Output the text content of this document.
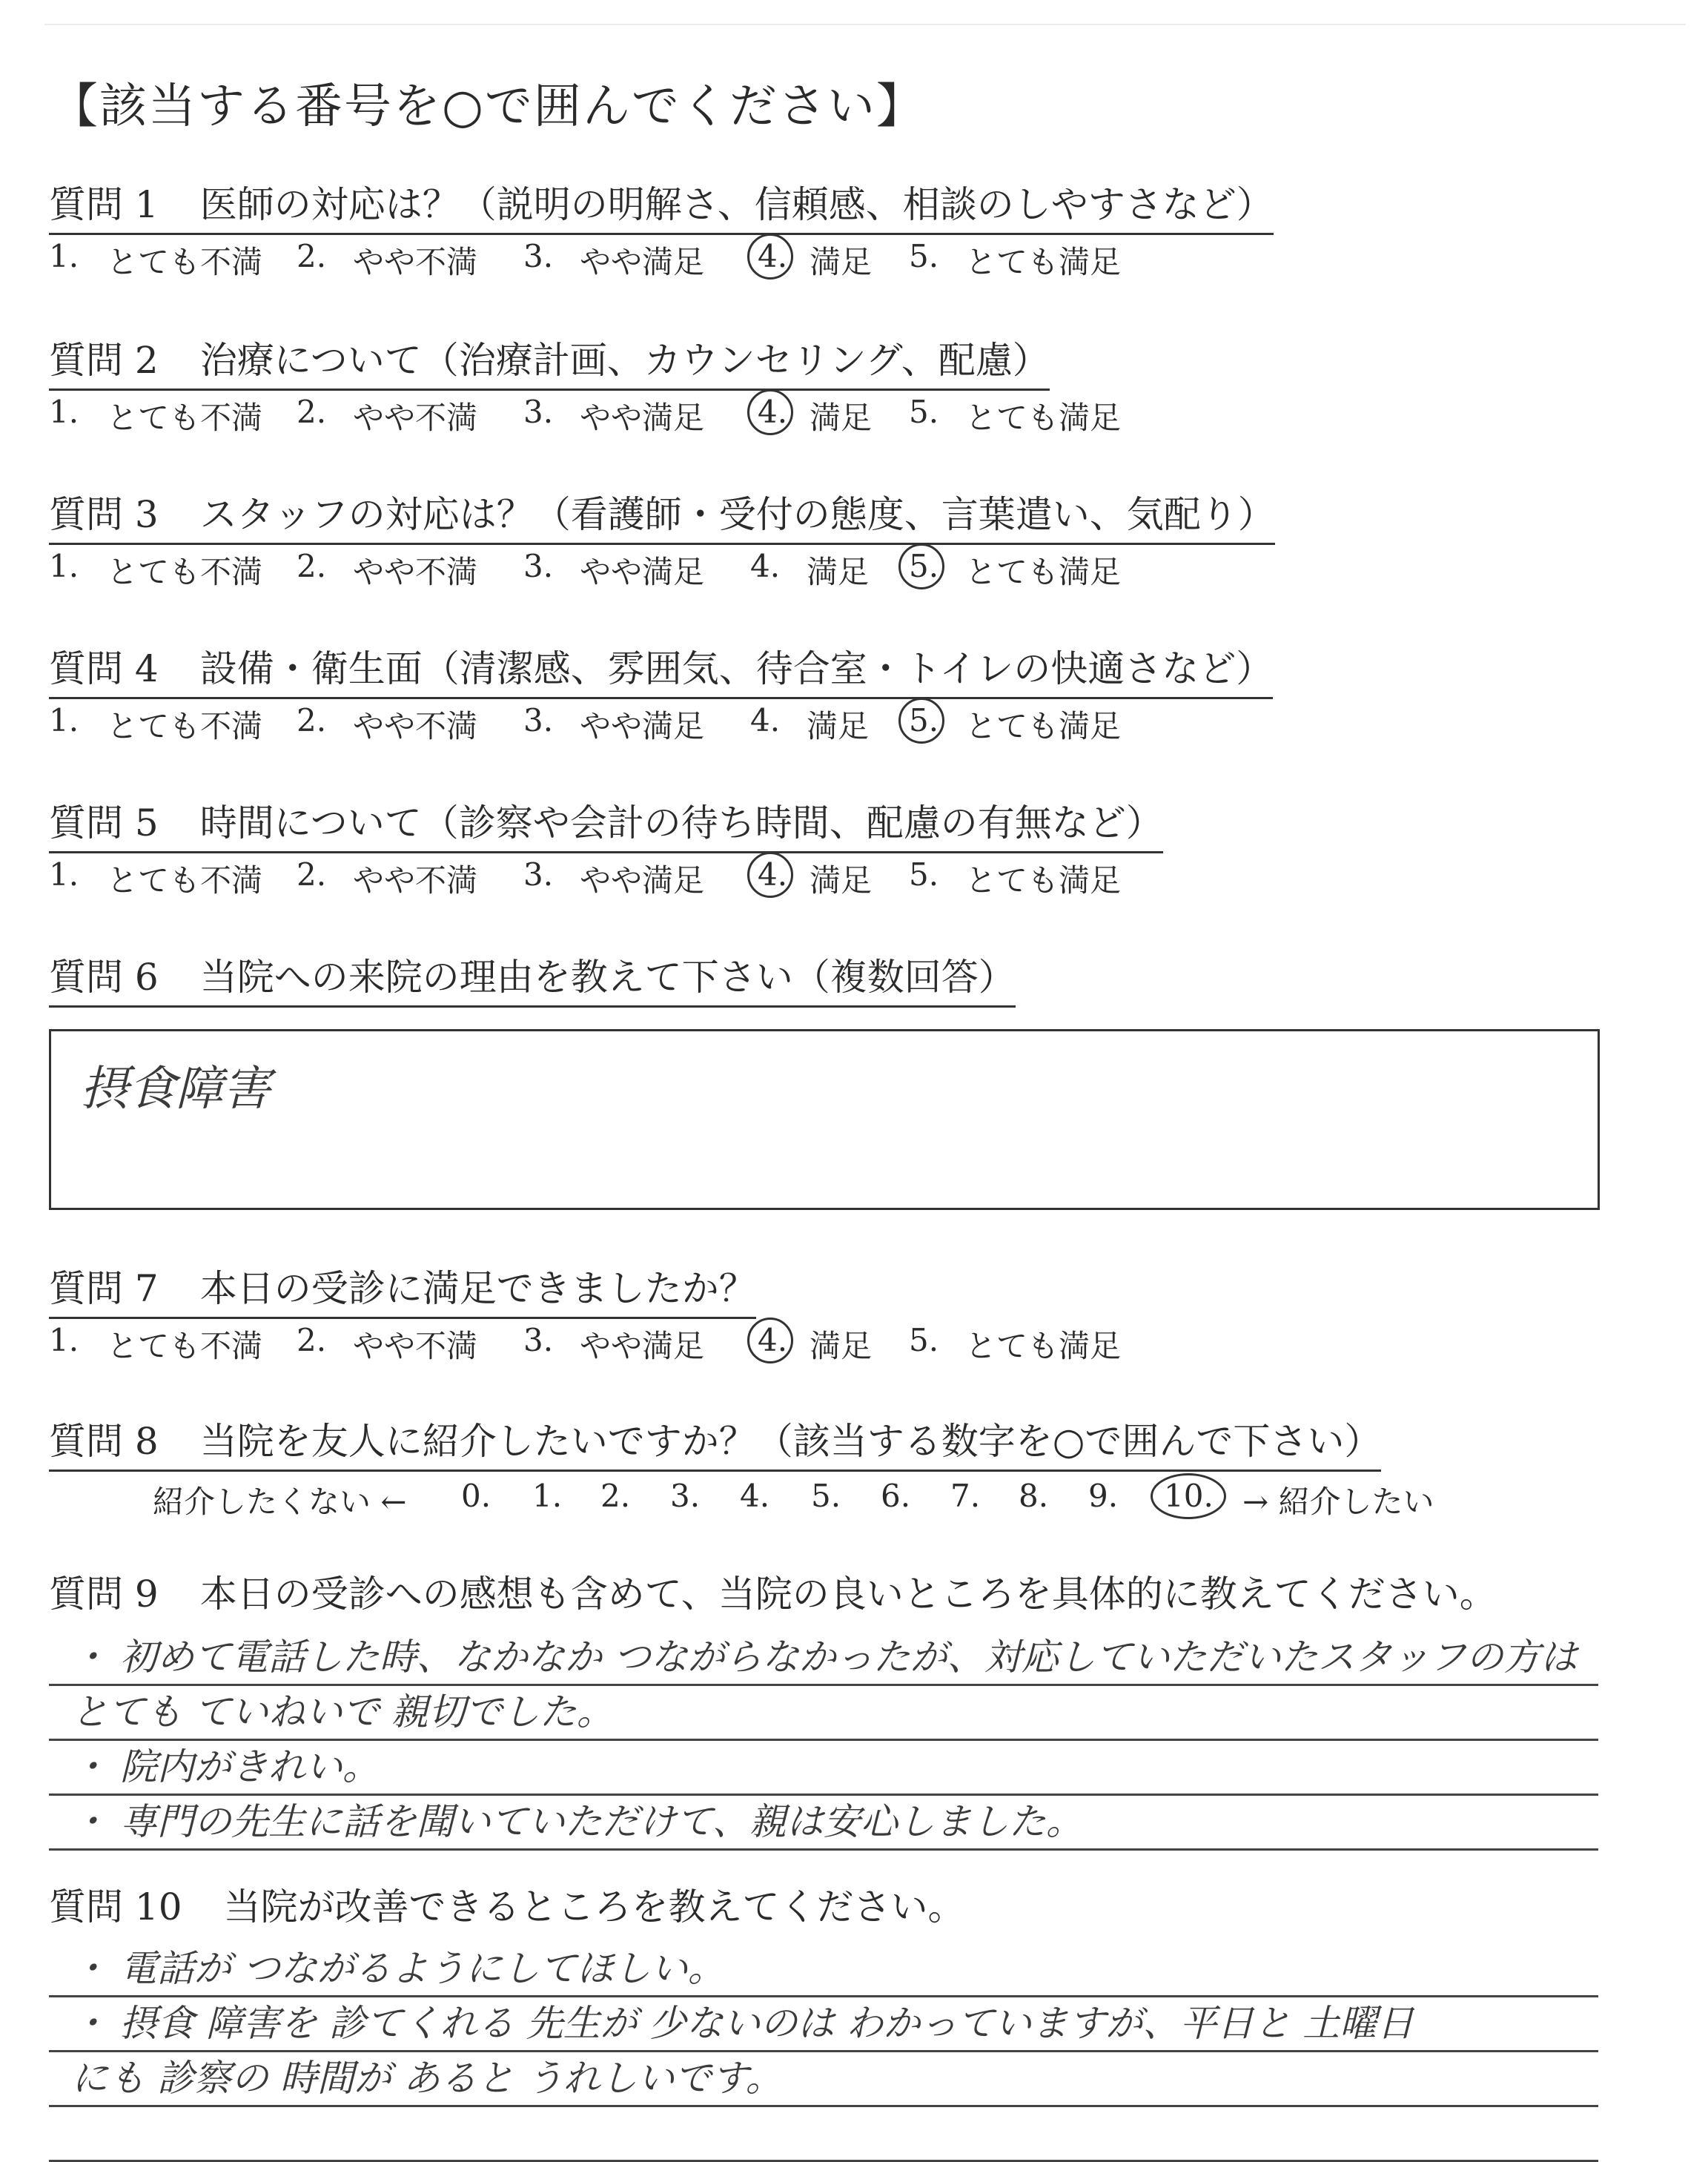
【該当する番号を○で囲んでください】
質問 1 医師の対応は？（説明の明解さ、信頼感、相談のしやすさなど）
1. とても不満 2. やや不満 3. やや満足 4. 満足 5. とても満足
質問 2 治療について（治療計画、カウンセリング、配慮）
1. とても不満 2. やや不満 3. やや満足 4. 満足 5. とても満足
質問 3 スタッフの対応は？（看護師・受付の態度、言葉遣い、気配り）
1. とても不満 2. やや不満 3. やや満足 4. 満足 5. とても満足
質問 4 設備・衛生面（清潔感、雰囲気、待合室・トイレの快適さなど）
1. とても不満 2. やや不満 3. やや満足 4. 満足 5. とても満足
質問 5 時間について（診察や会計の待ち時間、配慮の有無など）
1. とても不満 2. やや不満 3. やや満足 4. 満足 5. とても満足
質問 6 当院への来院の理由を教えて下さい（複数回答）
摂食障害
質問 7 本日の受診に満足できましたか？
1. とても不満 2. やや不満 3. やや満足 4. 満足 5. とても満足
質問 8 当院を友人に紹介したいですか？（該当する数字を○で囲んで下さい）
紹介したくない ← 0. 1. 2. 3. 4. 5. 6. 7. 8. 9. 10. → 紹介したい
質問 9 本日の受診への感想も含めて、当院の良いところを具体的に教えてください。
・ 初めて電話した時、なかなか つながらなかったが、対応していただいたスタッフの方は
とても ていねいで 親切でした。
・ 院内がきれい。
・ 専門の先生に話を聞いていただけて、親は安心しました。
質問 10 当院が改善できるところを教えてください。
・ 電話が つながるようにしてほしい。
・ 摂食 障害を 診てくれる 先生が 少ないのは わかっていますが、平日と 土曜日
にも 診察の 時間が あると うれしいです。
